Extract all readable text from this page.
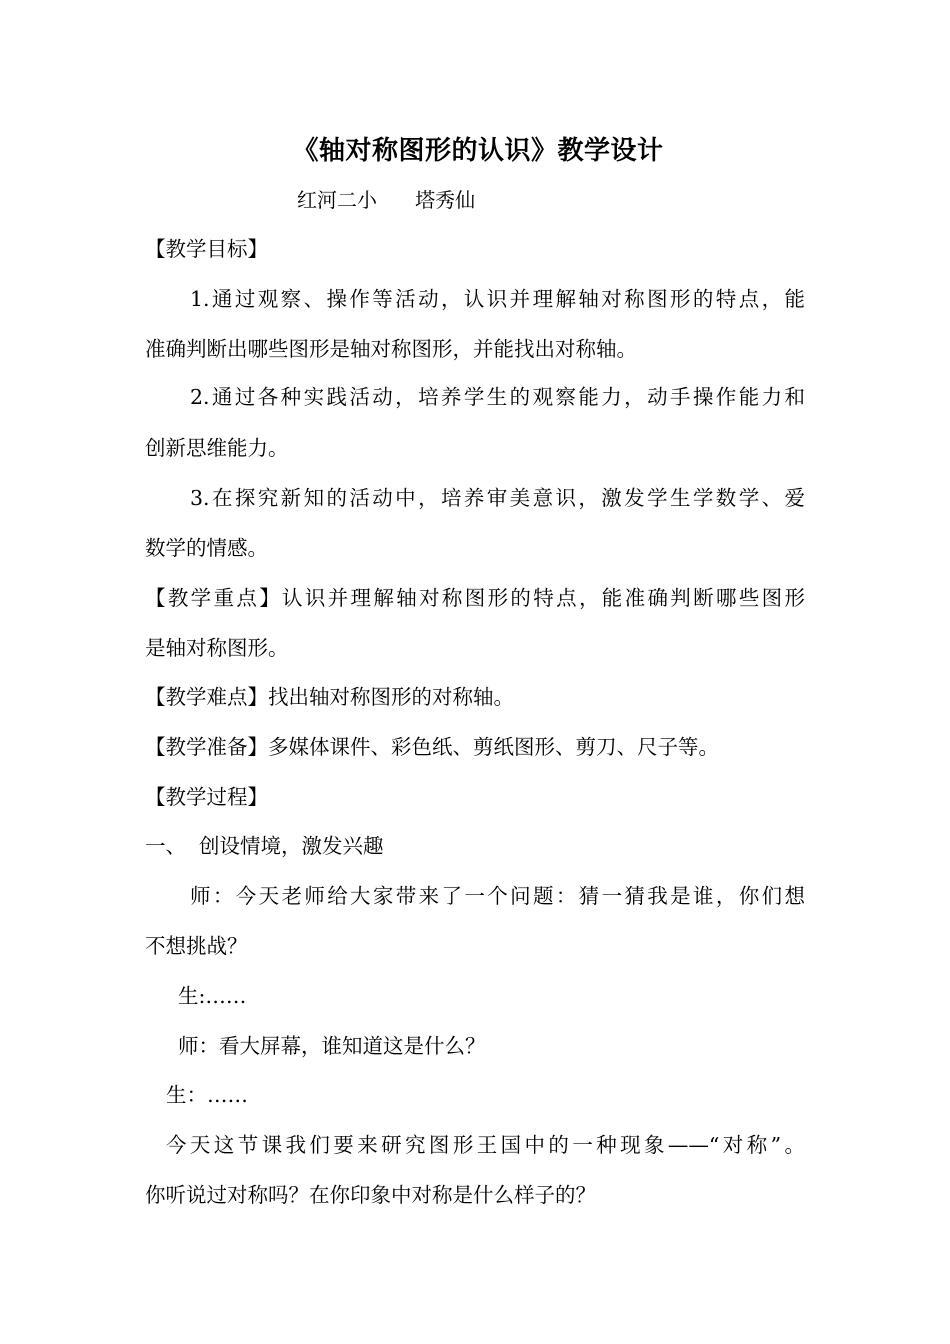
《轴对称图形的认识》教学设计
红河二小      塔秀仙
【教学目标】
1.通过观察、操作等活动，认识并理解轴对称图形的特点，能
准确判断出哪些图形是轴对称图形，并能找出对称轴。
2.通过各种实践活动，培养学生的观察能力，动手操作能力和
创新思维能力。
3.在探究新知的活动中，培养审美意识，激发学生学数学、爱
数学的情感。
【教学重点】认识并理解轴对称图形的特点，能准确判断哪些图形
是轴对称图形。
【教学难点】找出轴对称图形的对称轴。
【教学准备】多媒体课件、彩色纸、剪纸图形、剪刀、尺子等。
【教学过程】
一、  创设情境，激发兴趣
师：今天老师给大家带来了一个问题：猜一猜我是谁，你们想
不想挑战？
生:……
师：看大屏幕，谁知道这是什么？
生：……
今天这节课我们要来研究图形王国中的一种现象——“对称”。
你听说过对称吗？在你印象中对称是什么样子的？
